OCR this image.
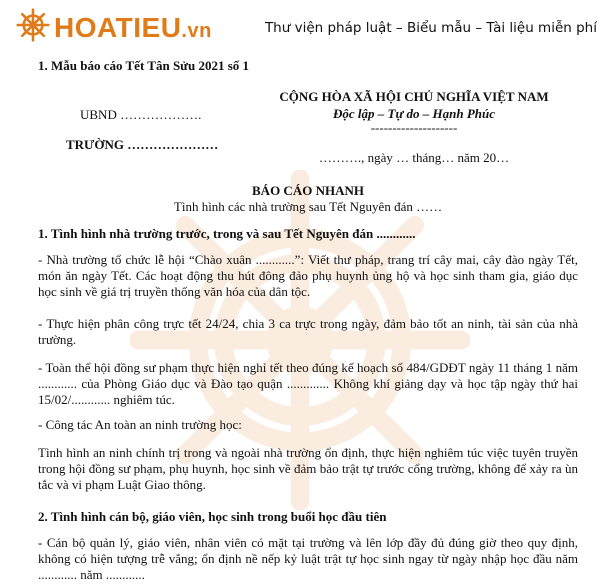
HOATIEU.vn	Thư viện pháp luật – Biểu mẫu – Tài liệu miễn phí
1. Mẫu báo cáo Tết Tân Sửu 2021 số 1
UBND ……………….
TRƯỜNG …………………
CỘNG HÒA XÃ HỘI CHỦ NGHĨA VIỆT NAM
Độc lập – Tự do – Hạnh Phúc
--------------------
………., ngày … tháng… năm 20…
BÁO CÁO NHANH
Tình hình các nhà trường sau Tết Nguyên đán ……
1. Tình hình nhà trường trước, trong và sau Tết Nguyên đán ............
- Nhà trường tổ chức lễ hội “Chào xuân ............”: Viết thư pháp, trang trí cây mai, cây đào ngày Tết, món ăn ngày Tết. Các hoạt động thu hút đông đảo phụ huynh ủng hộ và học sinh tham gia, giáo dục học sinh về giá trị truyền thống văn hóa của dân tộc.
- Thực hiện phân công trực tết 24/24, chia 3 ca trực trong ngày, đảm bảo tốt an ninh, tài sản của nhà trường.
- Toàn thể hội đồng sư phạm thực hiện nghỉ tết theo đúng kế hoạch số 484/GDĐT ngày 11 tháng 1 năm ............ của Phòng Giáo dục và Đào tạo quận ............. Không khí giảng dạy và học tập ngày thứ hai 15/02/............ nghiêm túc.
- Công tác An toàn an ninh trường học:
Tình hình an ninh chính trị trong và ngoài nhà trường ổn định, thực hiện nghiêm túc việc tuyên truyền trong hội đồng sư phạm, phụ huynh, học sinh về đảm bảo trật tự trước cổng trường, không để xảy ra ùn tắc và vi phạm Luật Giao thông.
2. Tình hình cán bộ, giáo viên, học sinh trong buổi học đầu tiên
- Cán bộ quản lý, giáo viên, nhân viên có mặt tại trường và lên lớp đầy đủ đúng giờ theo quy định, không có hiện tượng trễ vắng; ổn định nề nếp kỷ luật trật tự học sinh ngay từ ngày nhập học đầu năm ............ năm ............
